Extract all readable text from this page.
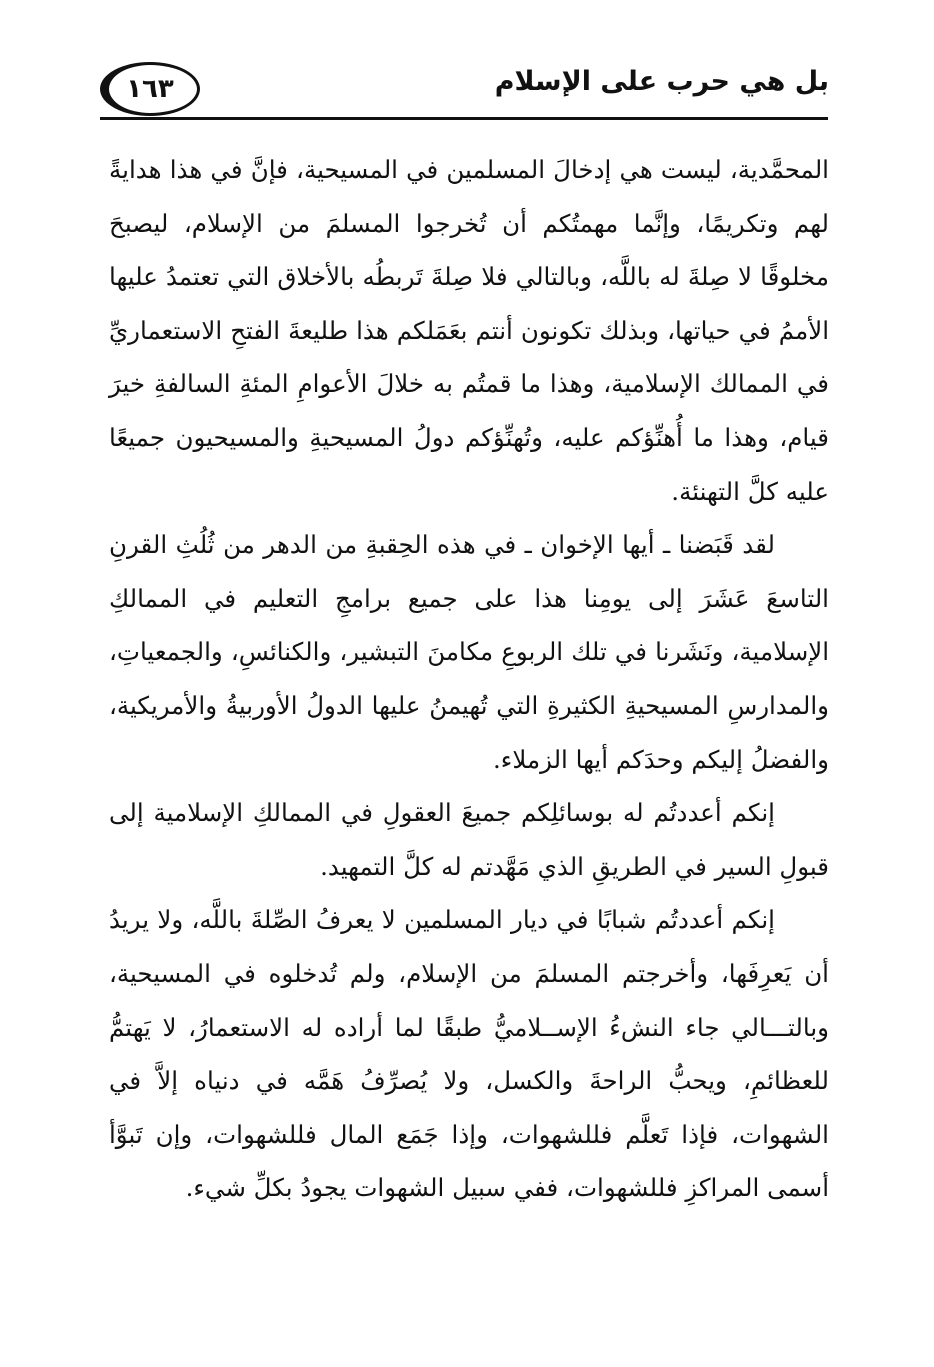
بل هي حرب على الإسلام
١٦٣

المحمَّدية، ليست هي إدخالَ المسلمين في المسيحية، فإنَّ في هذا هدايةً لهم وتكريمًا، وإنَّما مهمتُكم أن تُخرجوا المسلمَ من الإسلام، ليصبحَ مخلوقًا لا صِلةَ له باللَّه، وبالتالي فلا صِلةَ تَربطُه بالأخلاق التي تعتمدُ عليها الأممُ في حياتها، وبذلك تكونون أنتم بعَمَلكم هذا طليعةَ الفتحِ الاستعماريِّ في الممالك الإسلامية، وهذا ما قمتُم به خلالَ الأعوامِ المئةِ السالفةِ خيرَ قيام، وهذا ما أُهنِّؤكم عليه، وتُهنِّؤكم دولُ المسيحيةِ والمسيحيون جميعًا عليه كلَّ التهنئة.

لقد قَبَضنا ـ أيها الإخوان ـ في هذه الحِقبةِ من الدهر من ثُلُثِ القرنِ التاسعَ عَشَرَ إلى يومِنا هذا على جميع برامجِ التعليم في الممالكِ الإسلامية، ونَشَرنا في تلك الربوعِ مكامنَ التبشير، والكنائسِ، والجمعياتِ، والمدارسِ المسيحيةِ الكثيرةِ التي تُهيمنُ عليها الدولُ الأوربيةُ والأمريكية، والفضلُ إليكم وحدَكم أيها الزملاء.

إنكم أعددتُم له بوسائلِكم جميعَ العقولِ في الممالكِ الإسلامية إلى قبولِ السير في الطريقِ الذي مَهَّدتم له كلَّ التمهيد.

إنكم أعددتُم شبابًا في ديار المسلمين لا يعرفُ الصِّلةَ باللَّه، ولا يريدُ أن يَعرِفَها، وأخرجتم المسلمَ من الإسلام، ولم تُدخلوه في المسيحية، وبالتـــالي جاء النشءُ الإســلاميُّ طبقًا لما أراده له الاستعمارُ، لا يَهتمُّ للعظائمِ، ويحبُّ الراحةَ والكسل، ولا يُصرِّفُ هَمَّه في دنياه إلاَّ في الشهوات، فإذا تَعلَّم فللشهوات، وإذا جَمَع المال فللشهوات، وإن تَبوَّأ أسمى المراكزِ فللشهوات، ففي سبيل الشهوات يجودُ بكلِّ شيء.
